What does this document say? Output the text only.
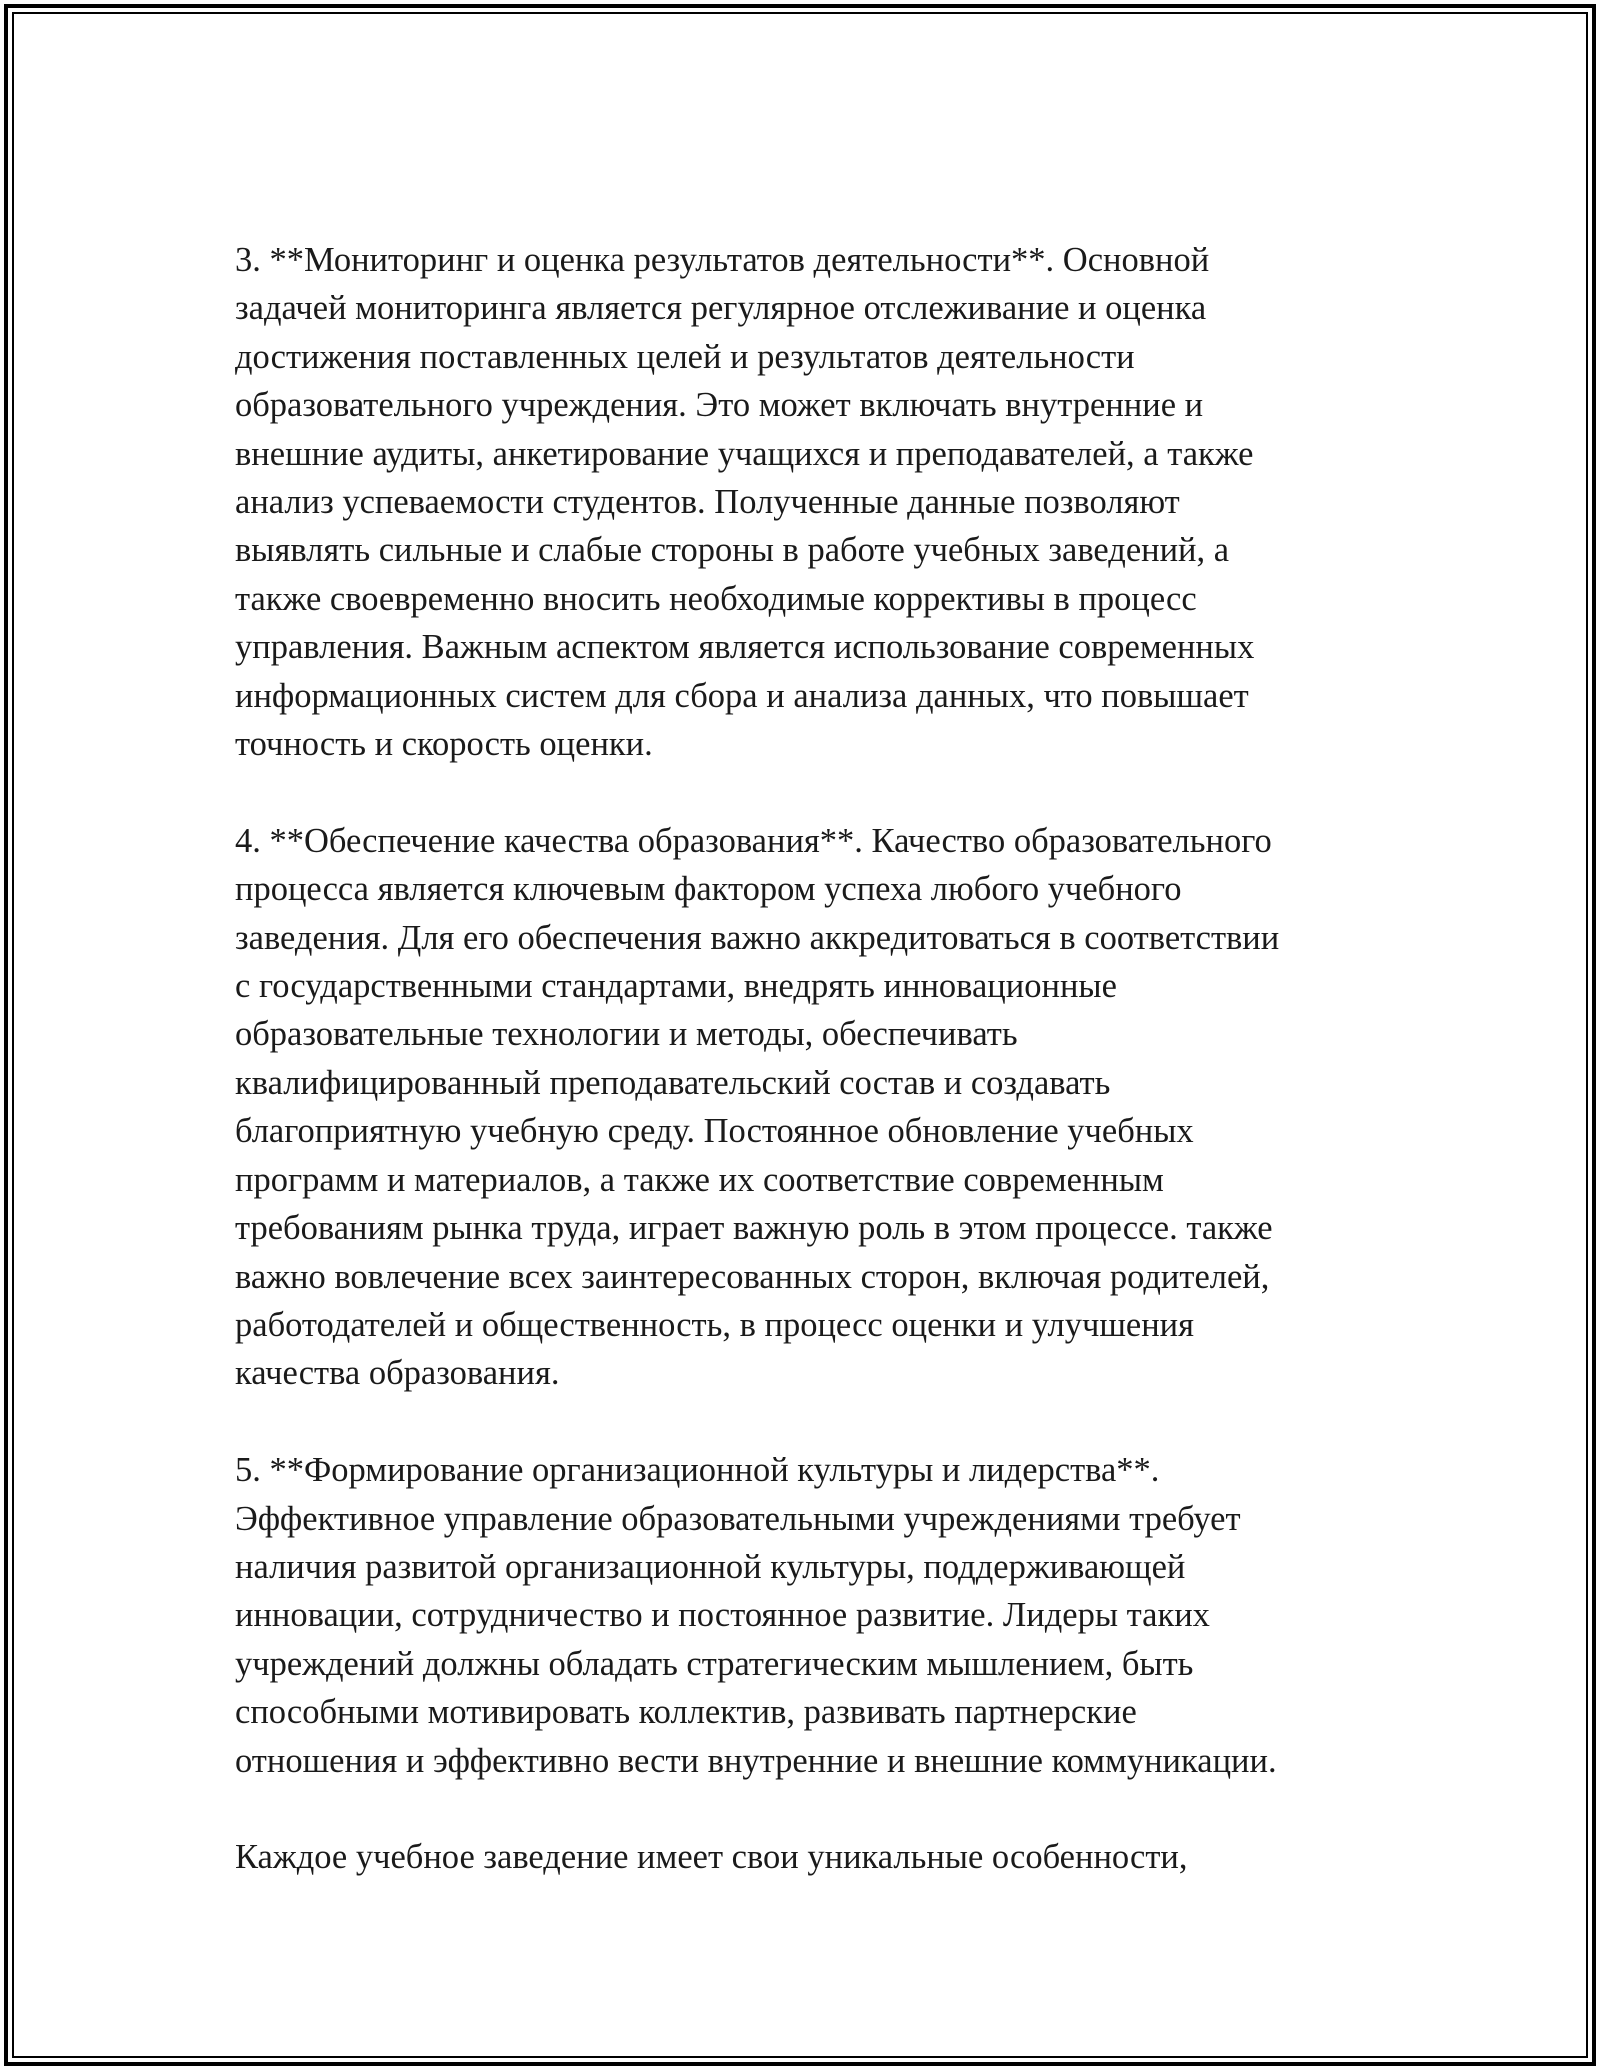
3. **Мониторинг и оценка результатов деятельности**. Основной
задачей мониторинга является регулярное отслеживание и оценка
достижения поставленных целей и результатов деятельности
образовательного учреждения. Это может включать внутренние и
внешние аудиты, анкетирование учащихся и преподавателей, а также
анализ успеваемости студентов. Полученные данные позволяют
выявлять сильные и слабые стороны в работе учебных заведений, а
также своевременно вносить необходимые коррективы в процесс
управления. Важным аспектом является использование современных
информационных систем для сбора и анализа данных, что повышает
точность и скорость оценки.

4. **Обеспечение качества образования**. Качество образовательного
процесса является ключевым фактором успеха любого учебного
заведения. Для его обеспечения важно аккредитоваться в соответствии
с государственными стандартами, внедрять инновационные
образовательные технологии и методы, обеспечивать
квалифицированный преподавательский состав и создавать
благоприятную учебную среду. Постоянное обновление учебных
программ и материалов, а также их соответствие современным
требованиям рынка труда, играет важную роль в этом процессе. также
важно вовлечение всех заинтересованных сторон, включая родителей,
работодателей и общественность, в процесс оценки и улучшения
качества образования.

5. **Формирование организационной культуры и лидерства**.
Эффективное управление образовательными учреждениями требует
наличия развитой организационной культуры, поддерживающей
инновации, сотрудничество и постоянное развитие. Лидеры таких
учреждений должны обладать стратегическим мышлением, быть
способными мотивировать коллектив, развивать партнерские
отношения и эффективно вести внутренние и внешние коммуникации.

Каждое учебное заведение имеет свои уникальные особенности,
